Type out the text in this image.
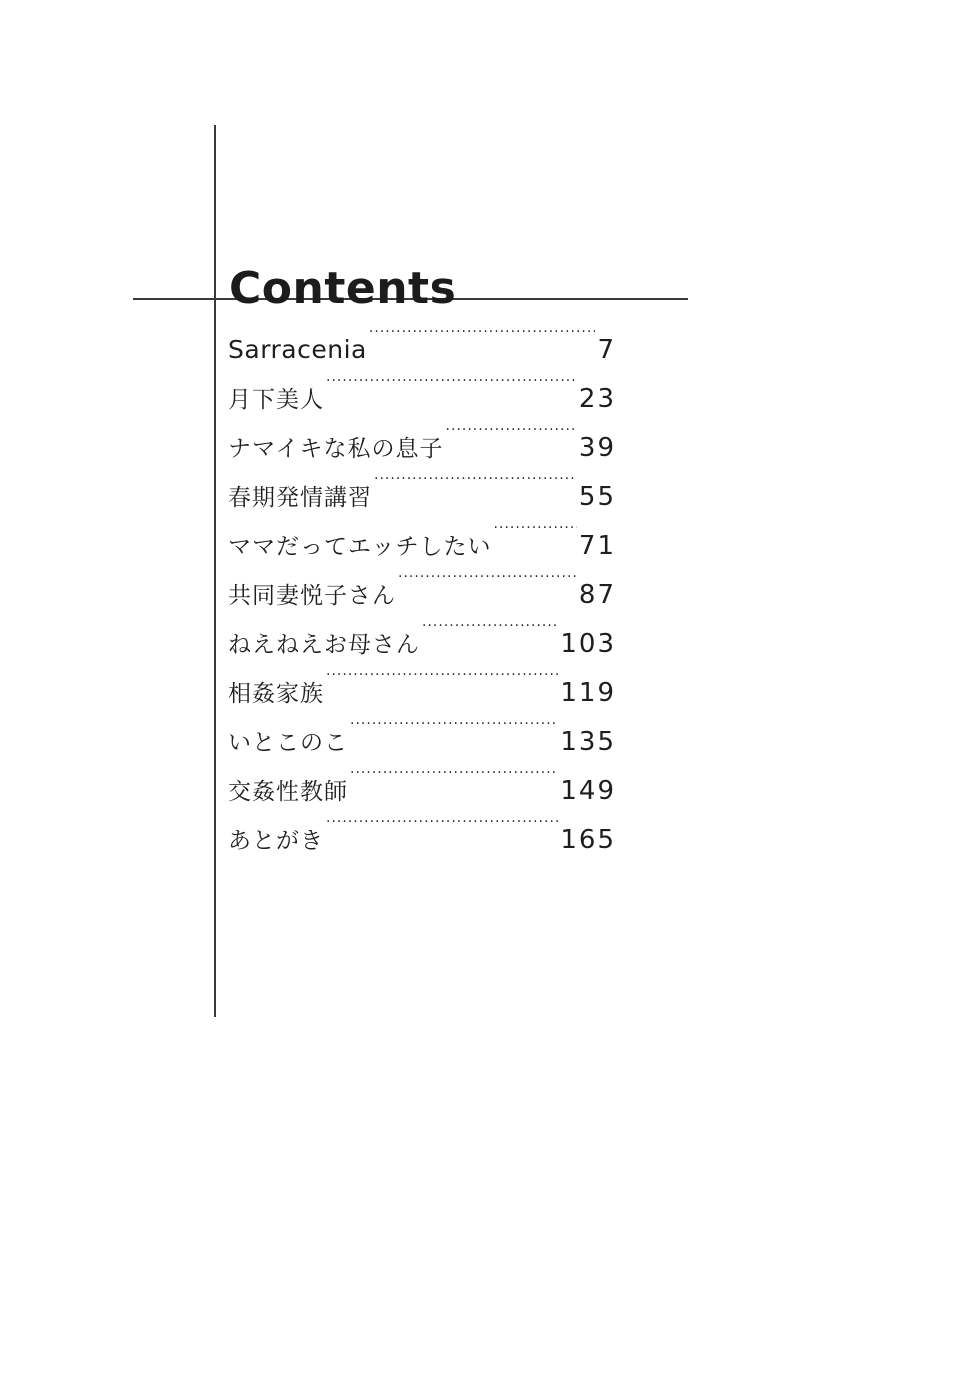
Contents
Sarracenia ·····	7
月下美人 ·····	23
ナマイキな私の息子 ·····	39
春期発情講習 ·····	55
ママだってエッチしたい ·····	71
共同妻悦子さん ·····	87
ねえねえお母さん ·····	103
相姦家族 ·····	119
いとこのこ ·····	135
交姦性教師 ·····	149
あとがき ·····	165
